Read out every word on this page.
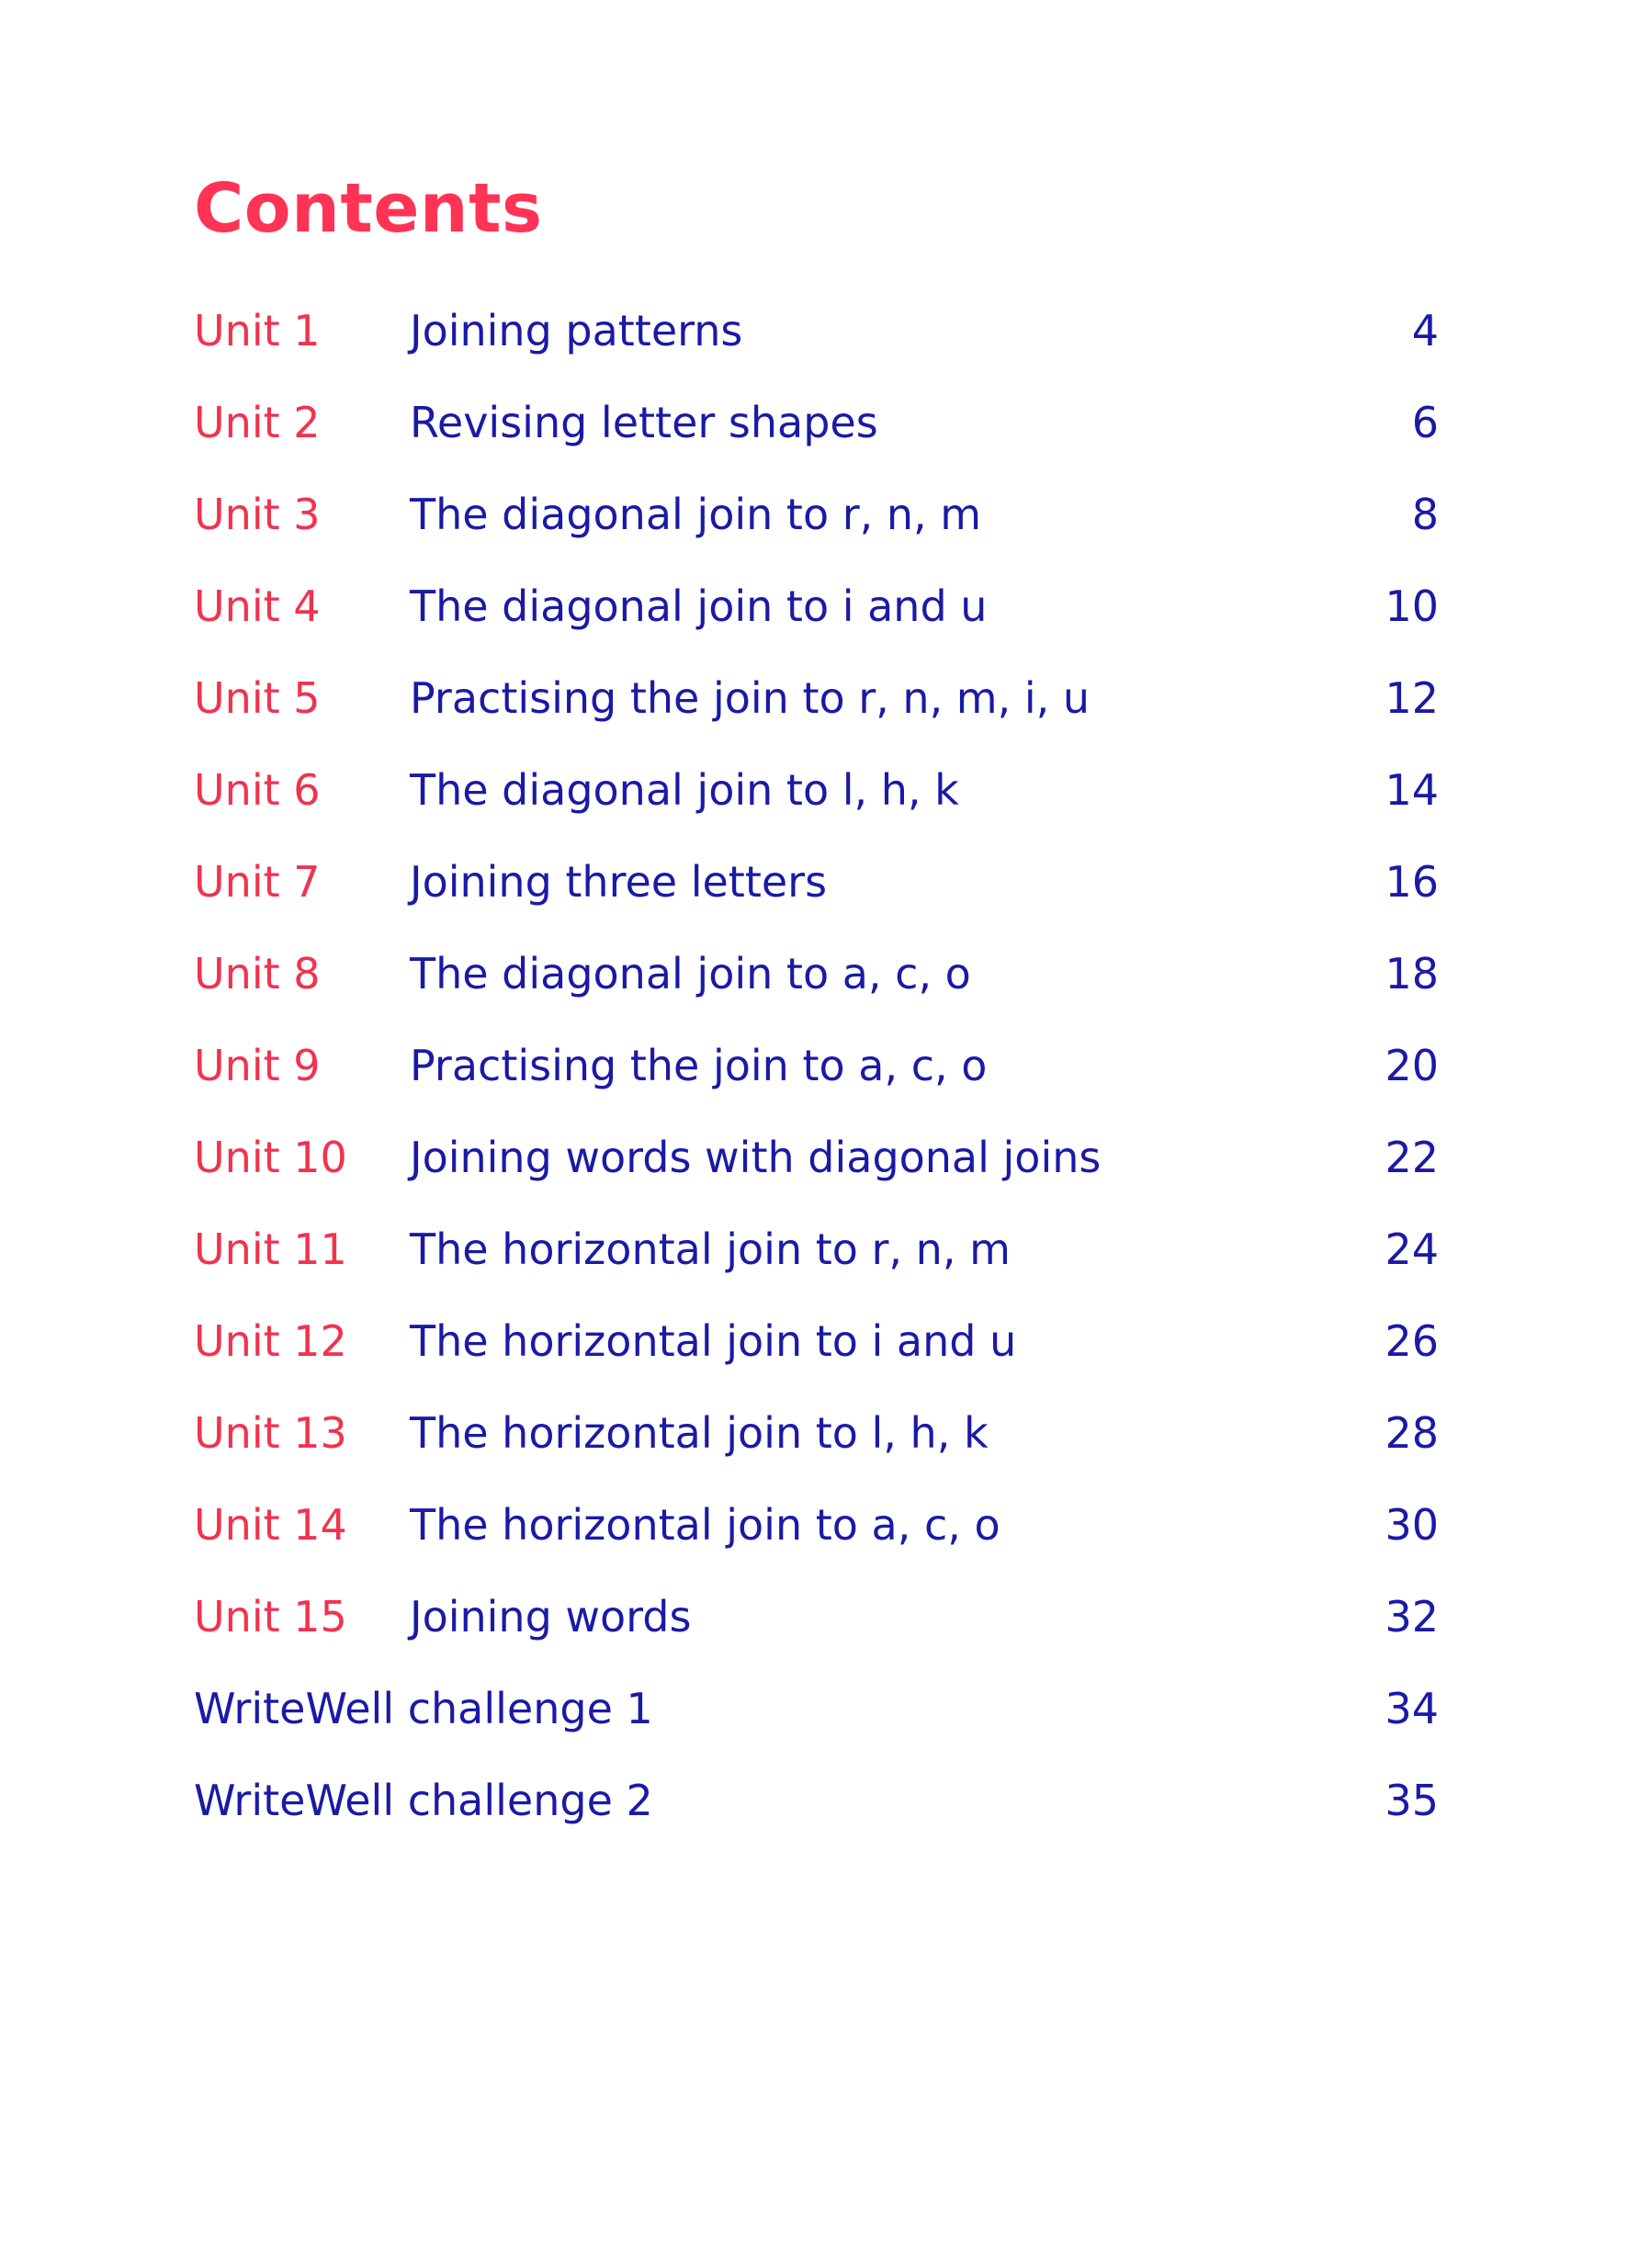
Contents
Unit 1 Joining patterns	4
Unit 2 Revising letter shapes	6
Unit 3 The diagonal join to r, n, m	8
Unit 4 The diagonal join to i and u	10
Unit 5 Practising the join to r, n, m, i, u	12
Unit 6 The diagonal join to l, h, k	14
Unit 7 Joining three letters	16
Unit 8 The diagonal join to a, c, o	18
Unit 9 Practising the join to a, c, o	20
Unit 10 Joining words with diagonal joins	22
Unit 11 The horizontal join to r, n, m	24
Unit 12 The horizontal join to i and u	26
Unit 13 The horizontal join to l, h, k	28
Unit 14 The horizontal join to a, c, o	30
Unit 15 Joining words	32
WriteWell challenge 1	34
WriteWell challenge 2	35
